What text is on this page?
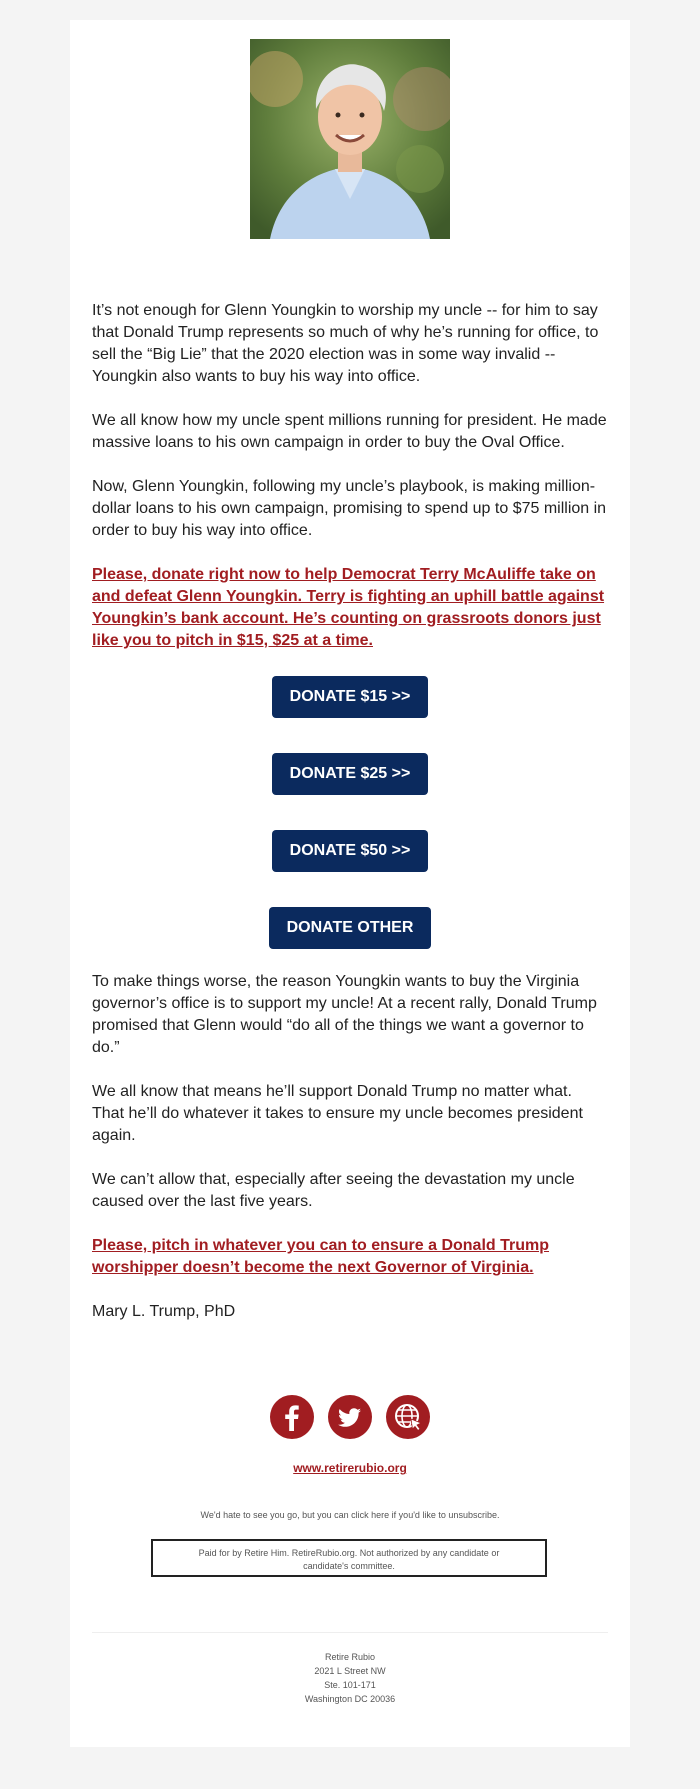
It’s not enough for Glenn Youngkin to worship my uncle -- for him to say that Donald Trump represents so much of why he’s running for office, to sell the “Big Lie” that the 2020 election was in some way invalid -- Youngkin also wants to buy his way into office.

We all know how my uncle spent millions running for president. He made massive loans to his own campaign in order to buy the Oval Office.

Now, Glenn Youngkin, following my uncle’s playbook, is making million-dollar loans to his own campaign, promising to spend up to $75 million in order to buy his way into office.

Please, donate right now to help Democrat Terry McAuliffe take on and defeat Glenn Youngkin. Terry is fighting an uphill battle against Youngkin’s bank account. He’s counting on grassroots donors just like you to pitch in $15, $25 at a time.

DONATE $15 >>
DONATE $25 >>
DONATE $50 >>
DONATE OTHER

To make things worse, the reason Youngkin wants to buy the Virginia governor’s office is to support my uncle! At a recent rally, Donald Trump promised that Glenn would “do all of the things we want a governor to do.”

We all know that means he’ll support Donald Trump no matter what. That he’ll do whatever it takes to ensure my uncle becomes president again.

We can’t allow that, especially after seeing the devastation my uncle caused over the last five years.

Please, pitch in whatever you can to ensure a Donald Trump worshipper doesn’t become the next Governor of Virginia.

Mary L. Trump, PhD

www.retirerubio.org
We'd hate to see you go, but you can click here if you'd like to unsubscribe.
Paid for by Retire Him. RetireRubio.org. Not authorized by any candidate or candidate's committee.
Retire Rubio
2021 L Street NW
Ste. 101-171
Washington DC 20036
